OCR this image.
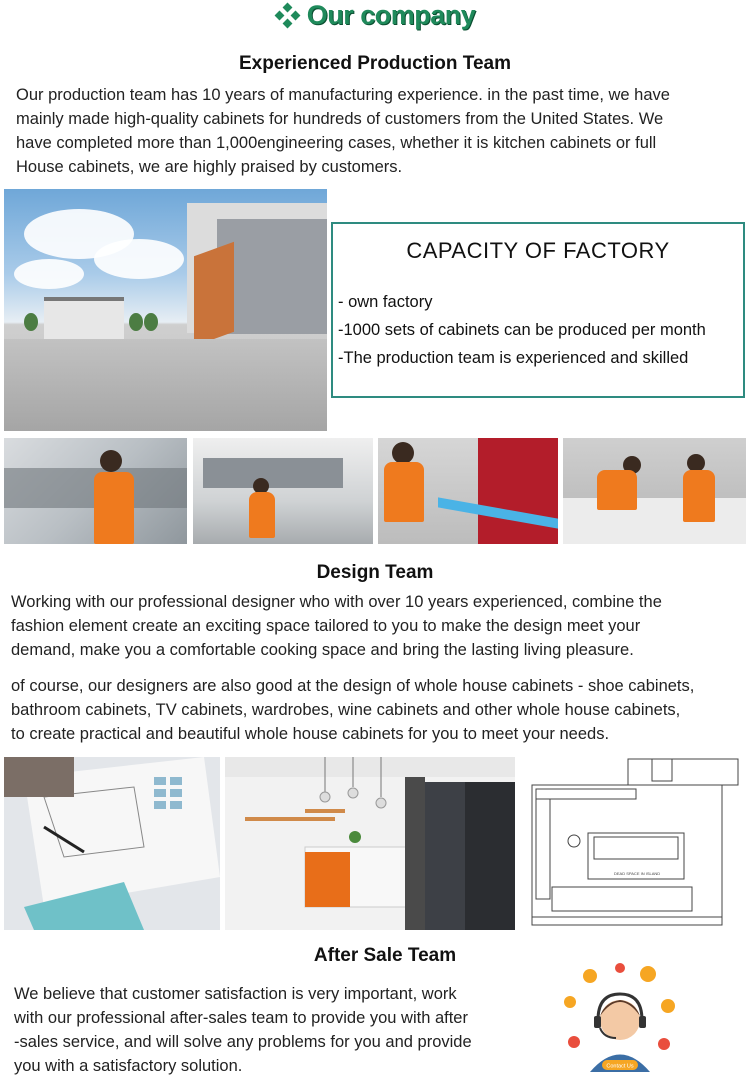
Our company
Experienced Production Team
Our production team has 10 years of manufacturing experience. in the past time, we have
mainly made high-quality cabinets for hundreds of customers from the United States. We
have completed more than 1,000engineering cases, whether it is kitchen cabinets or full
House cabinets, we are highly praised by customers.
CAPACITY OF FACTORY
- own factory
-1000 sets of cabinets can be produced per month
-The production team is experienced and skilled
Design Team
Working with our professional designer who with over 10 years experienced, combine the
fashion element create an exciting space tailored to you to make the design meet your
demand, make you a comfortable cooking space and bring the lasting living pleasure.
of course, our designers are also good at the design of whole house cabinets - shoe cabinets,
bathroom cabinets, TV cabinets, wardrobes, wine cabinets and other whole house cabinets,
to create practical and beautiful whole house cabinets for you to meet your needs.
DEAD SPACE IN ISLAND
After Sale Team
We believe that customer satisfaction is very important, work
with our professional after-sales team to provide you with after
-sales service, and will solve any problems for you and provide
you with a satisfactory solution.	Contact Us
